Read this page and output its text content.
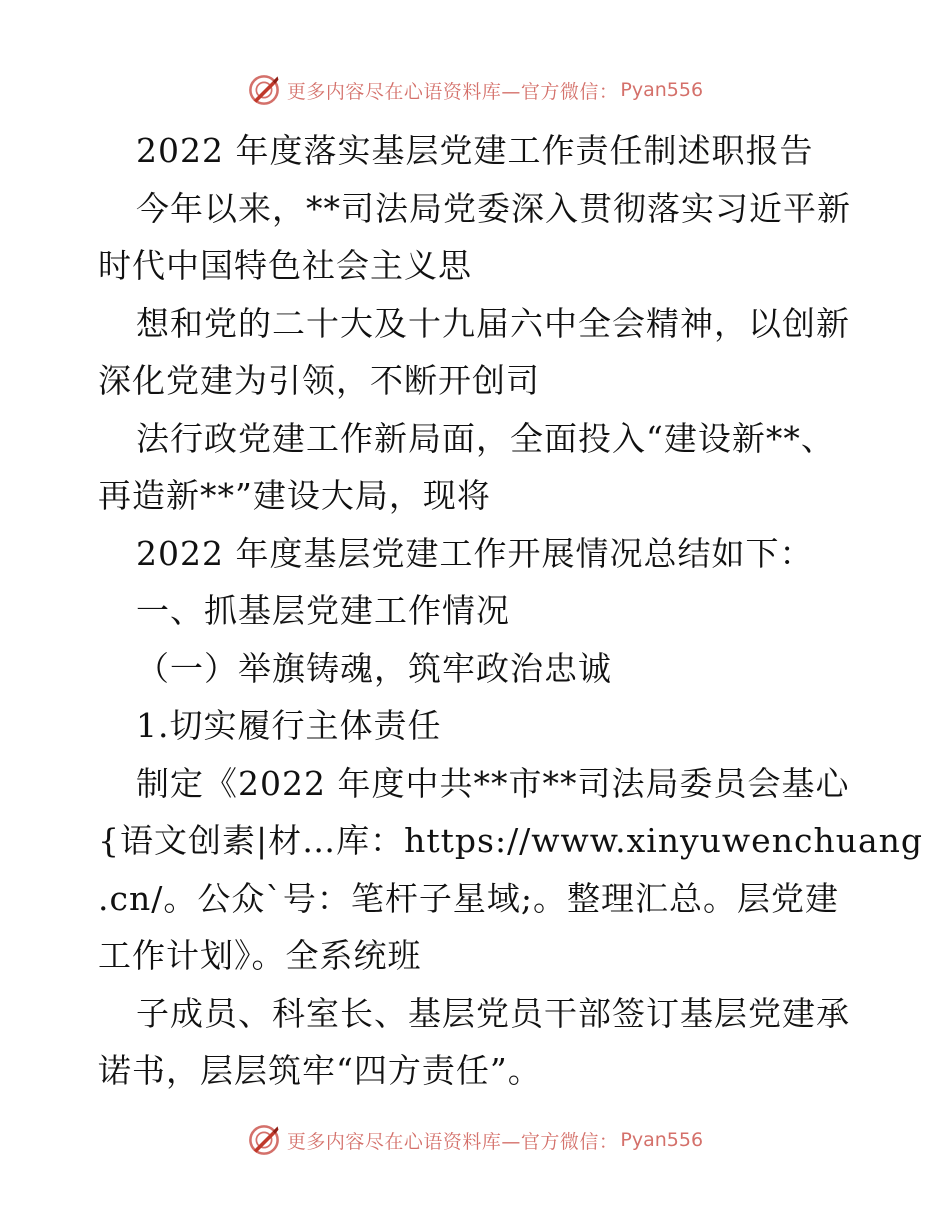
更多内容尽在心语资料库—官方微信： Pyan556
2022 年度落实基层党建工作责任制述职报告
今年以来，**司法局党委深入贯彻落实习近平新
时代中国特色社会主义思
想和党的二十大及十九届六中全会精神，以创新
深化党建为引领，不断开创司
法行政党建工作新局面，全面投入“建设新**、
再造新**”建设大局，现将
2022 年度基层党建工作开展情况总结如下：
一、抓基层党建工作情况
（一）举旗铸魂，筑牢政治忠诚
1.切实履行主体责任
制定《2022 年度中共**市**司法局委员会基心
{语文创素|材…库：https://www.xinyuwenchuang
.cn/。公众`号：笔杆子星域;。整理汇总。层党建
工作计划》。全系统班
子成员、科室长、基层党员干部签订基层党建承
诺书，层层筑牢“四方责任”。
更多内容尽在心语资料库—官方微信： Pyan556
